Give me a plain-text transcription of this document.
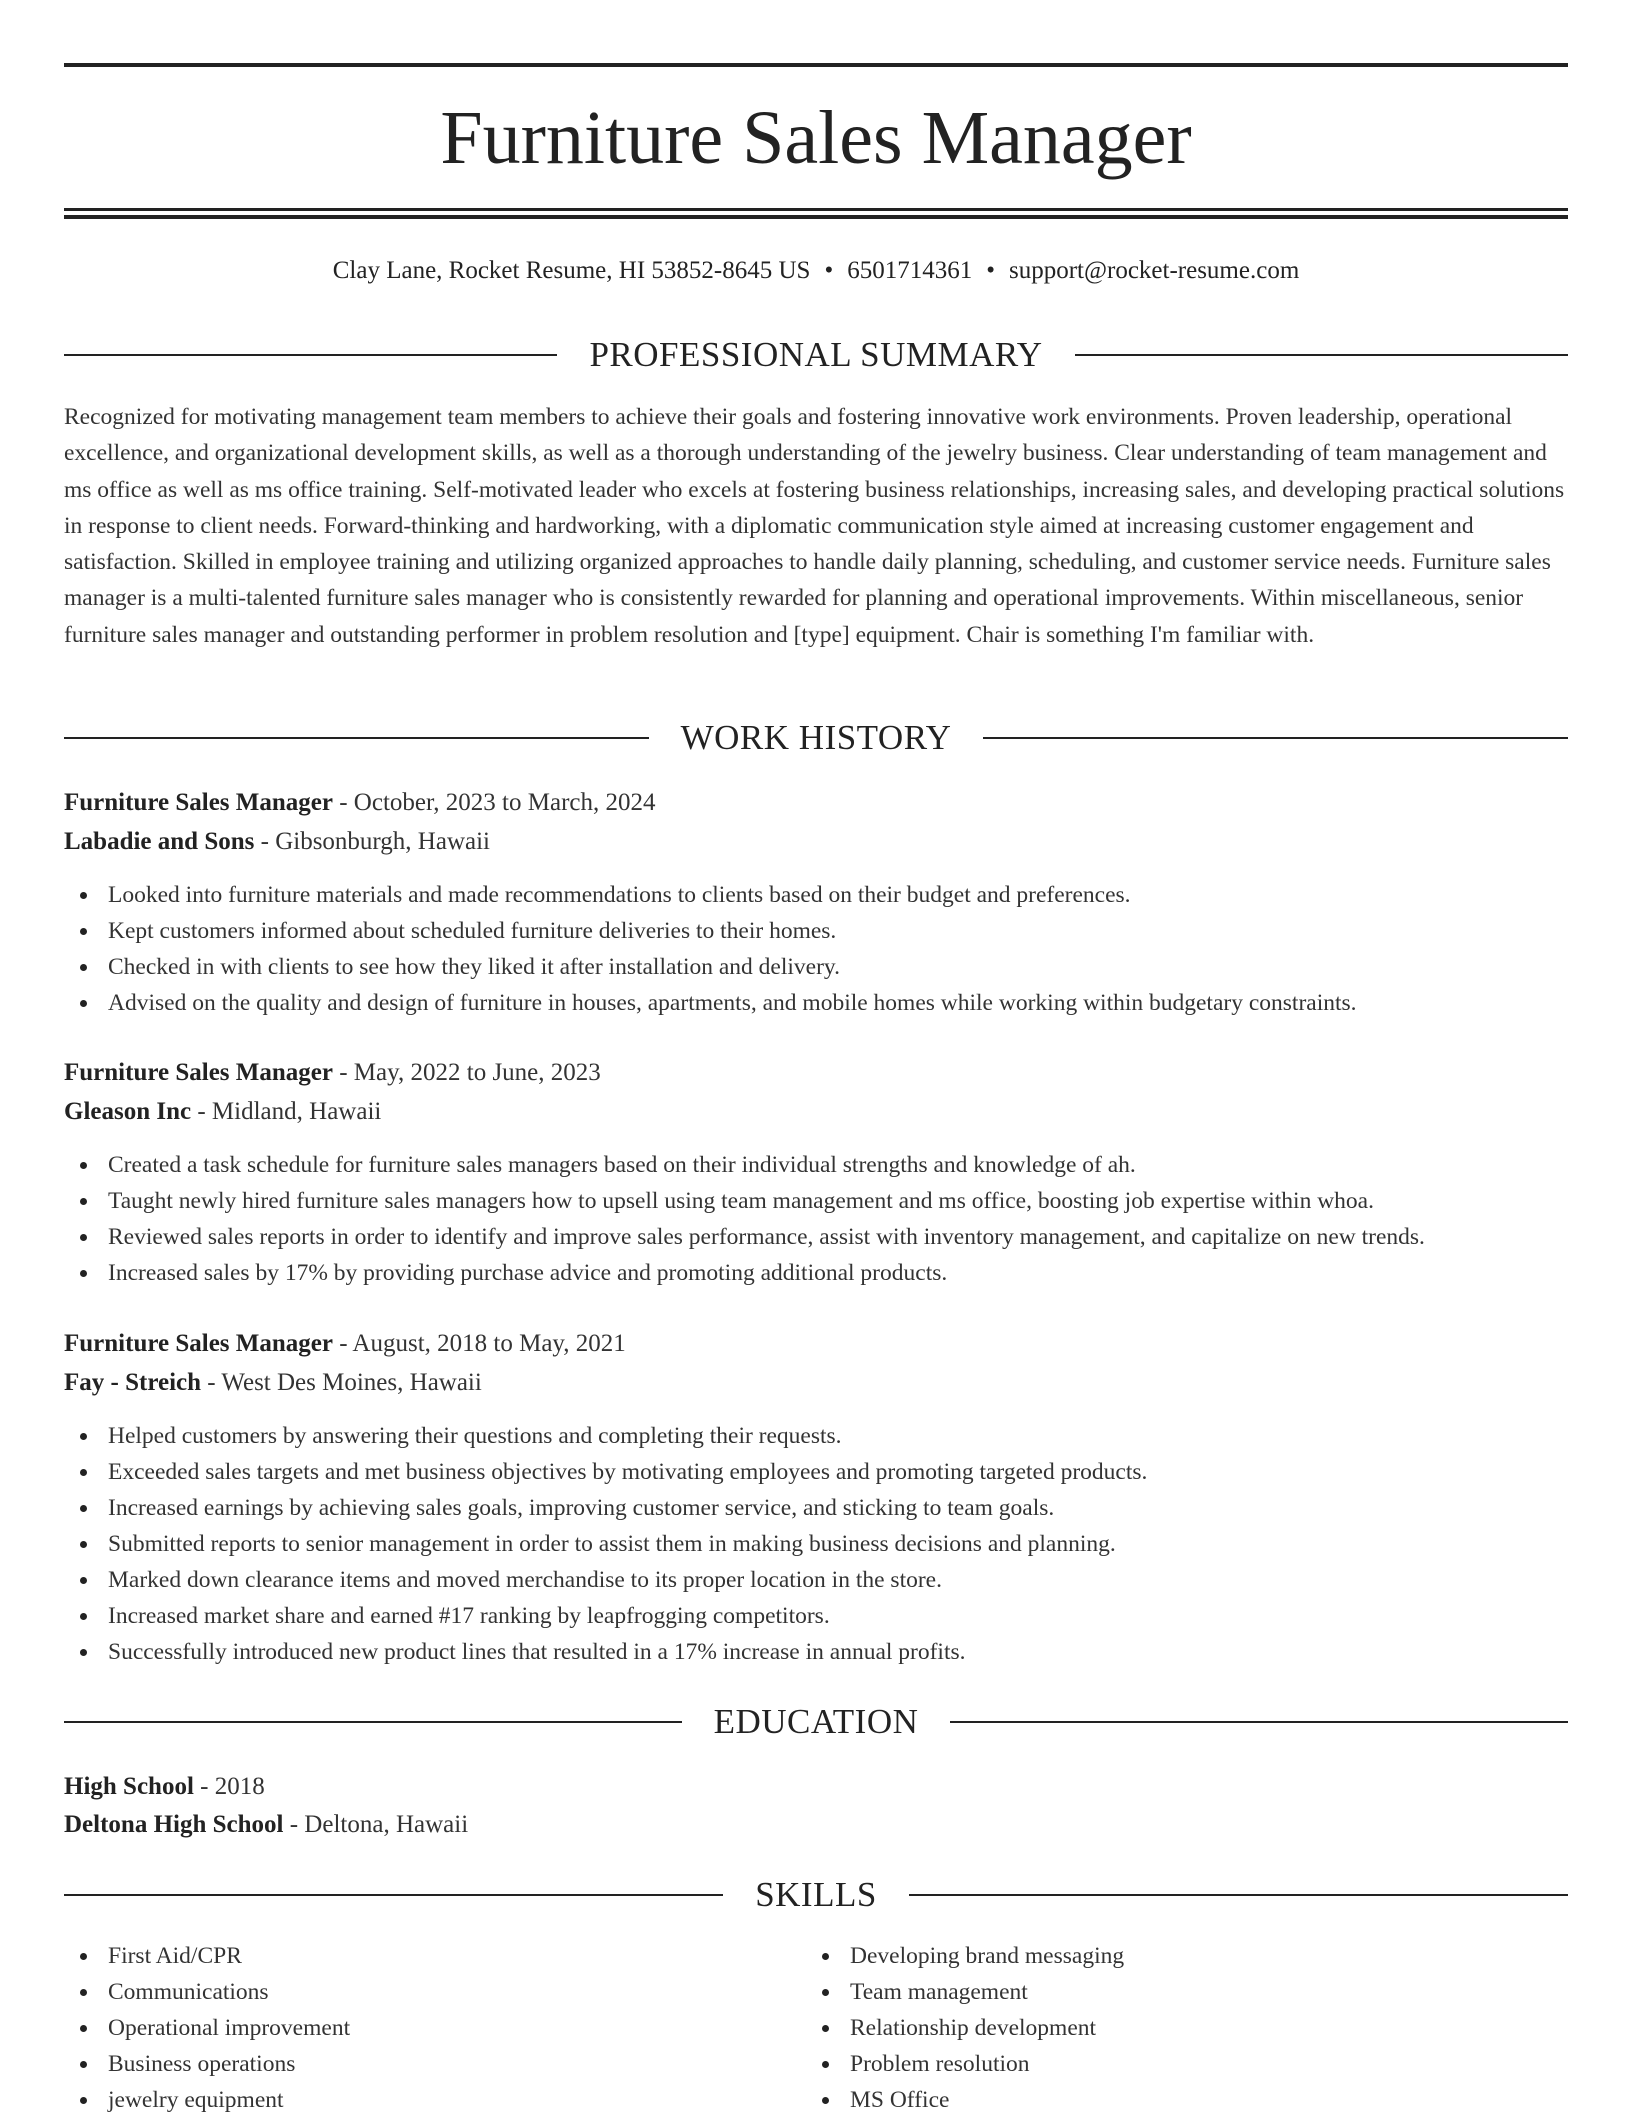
Furniture Sales Manager
Clay Lane, Rocket Resume, HI 53852-8645 US • 6501714361 • support@rocket-resume.com
PROFESSIONAL SUMMARY

Recognized for motivating management team members to achieve their goals and fostering innovative work environments. Proven leadership, operational excellence, and organizational development skills, as well as a thorough understanding of the jewelry business. Clear understanding of team management and ms office as well as ms office training. Self-motivated leader who excels at fostering business relationships, increasing sales, and developing practical solutions in response to client needs. Forward-thinking and hardworking, with a diplomatic communication style aimed at increasing customer engagement and satisfaction. Skilled in employee training and utilizing organized approaches to handle daily planning, scheduling, and customer service needs. Furniture sales manager is a multi-talented furniture sales manager who is consistently rewarded for planning and operational improvements. Within miscellaneous, senior furniture sales manager and outstanding performer in problem resolution and [type] equipment. Chair is something I'm familiar with.

WORK HISTORY
Furniture Sales Manager - October, 2023 to March, 2024
Labadie and Sons - Gibsonburgh, Hawaii
Looked into furniture materials and made recommendations to clients based on their budget and preferences.
Kept customers informed about scheduled furniture deliveries to their homes.
Checked in with clients to see how they liked it after installation and delivery.
Advised on the quality and design of furniture in houses, apartments, and mobile homes while working within budgetary constraints.
Furniture Sales Manager - May, 2022 to June, 2023
Gleason Inc - Midland, Hawaii
Created a task schedule for furniture sales managers based on their individual strengths and knowledge of ah.
Taught newly hired furniture sales managers how to upsell using team management and ms office, boosting job expertise within whoa.
Reviewed sales reports in order to identify and improve sales performance, assist with inventory management, and capitalize on new trends.
Increased sales by 17% by providing purchase advice and promoting additional products.
Furniture Sales Manager - August, 2018 to May, 2021
Fay - Streich - West Des Moines, Hawaii
Helped customers by answering their questions and completing their requests.
Exceeded sales targets and met business objectives by motivating employees and promoting targeted products.
Increased earnings by achieving sales goals, improving customer service, and sticking to team goals.
Submitted reports to senior management in order to assist them in making business decisions and planning.
Marked down clearance items and moved merchandise to its proper location in the store.
Increased market share and earned #17 ranking by leapfrogging competitors.
Successfully introduced new product lines that resulted in a 17% increase in annual profits.
EDUCATION
High School - 2018
Deltona High School - Deltona, Hawaii
SKILLS
First Aid/CPR
Communications
Operational improvement
Business operations
jewelry equipment
Developing brand messaging
Team management
Relationship development
Problem resolution
MS Office
